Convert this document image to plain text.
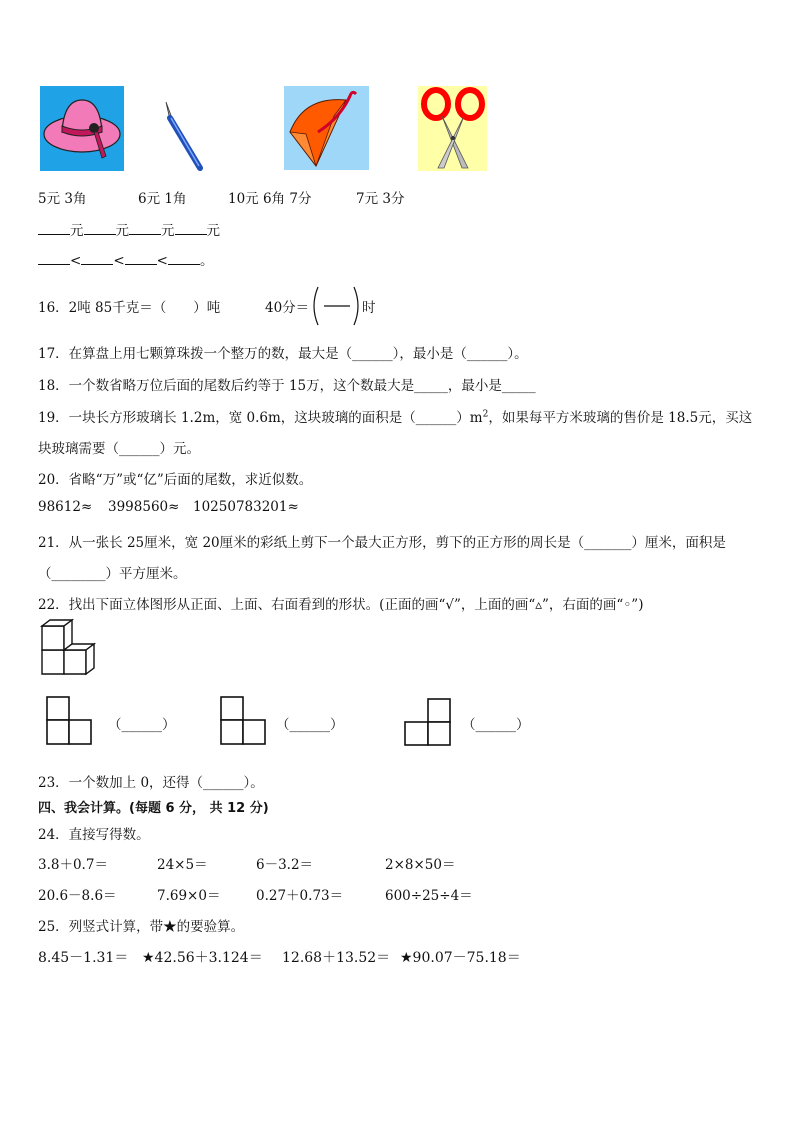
5元 3角	6元 1角	10元 6角 7分	7元 3分
元 元 元 元
< < < 。
16．2吨 85千克＝（　　）吨	40分＝	时
17．在算盘上用七颗算珠拨一个整万的数，最大是（______），最小是（______）。
18．一个数省略万位后面的尾数后约等于 15万，这个数最大是_____，最小是_____
19．一块长方形玻璃长 1.2m，宽 0.6m，这块玻璃的面积是$(\_\_\_\_\_\_)m^2$，如果每平方米玻璃的售价是 18.5元，买这
块玻璃需要（______）元。
20．省略“万”或“亿”后面的尾数，求近似数。
98612≈ 3998560≈ 10250783201≈
21．从一张长 25厘米，宽 20厘米的彩纸上剪下一个最大正方形，剪下的正方形的周长是（_______）厘米，面积是
（________）平方厘米。
22．找出下面立体图形从正面、上面、右面看到的形状。(正面的画“√”，上面的画“▵”，右面的画“◦”)
（______）	（______）	（______）
23．一个数加上 0，还得（______）。
四、我会计算。(每题 6 分， 共 12 分)
24．直接写得数。
3.8＋0.7＝	24×5＝	6－3.2＝	2×8×50＝
20.6－8.6＝	7.69×0＝	0.27＋0.73＝	600÷25÷4＝
25．列竖式计算，带★的要验算。
8.45－1.31＝ ★42.56＋3.124＝ 12.68＋13.52＝ ★90.07－75.18＝
